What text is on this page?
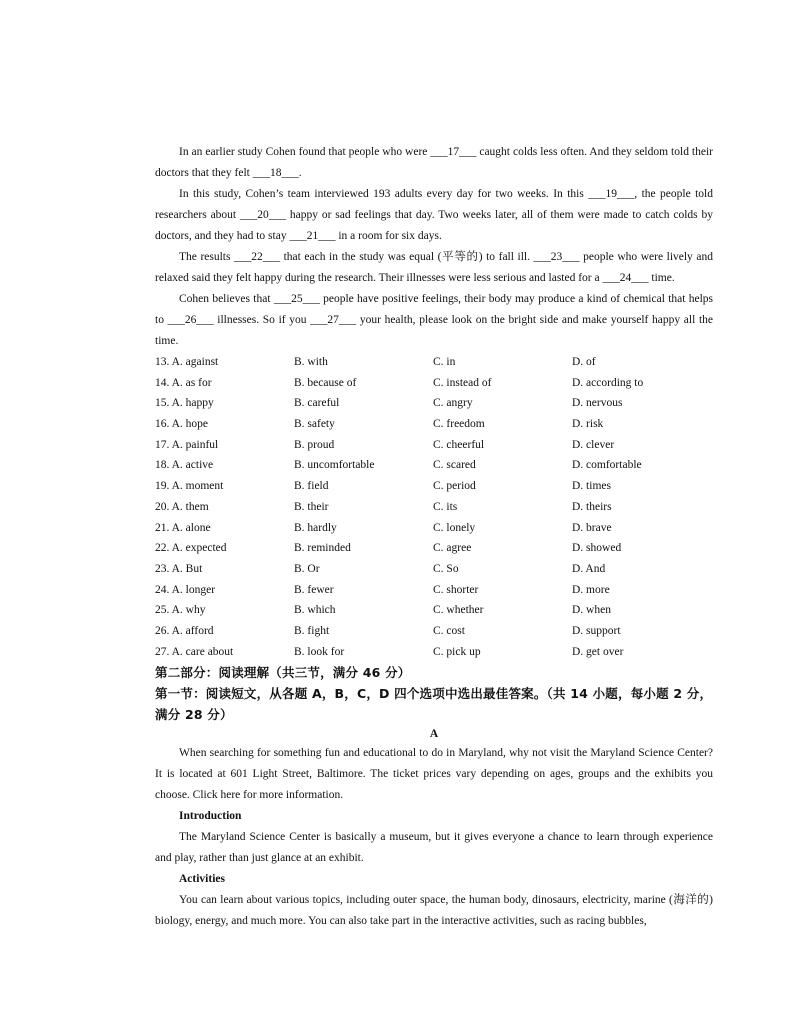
In an earlier study Cohen found that people who were ___17___ caught colds less often. And they seldom told their doctors that they felt ___18___.

In this study, Cohen’s team interviewed 193 adults every day for two weeks. In this ___19___, the people told researchers about ___20___ happy or sad feelings that day. Two weeks later, all of them were made to catch colds by doctors, and they had to stay ___21___ in a room for six days.

The results ___22___ that each in the study was equal (平等的) to fall ill. ___23___ people who were lively and relaxed said they felt happy during the research. Their illnesses were less serious and lasted for a ___24___ time.

Cohen believes that ___25___ people have positive feelings, their body may produce a kind of chemical that helps to ___26___ illnesses. So if you ___27___ your health, please look on the bright side and make yourself happy all the time.

13. A. against	B. with	C. in	D. of
14. A. as for	B. because of	C. instead of	D. according to
15. A. happy	B. careful	C. angry	D. nervous
16. A. hope	B. safety	C. freedom	D. risk
17. A. painful	B. proud	C. cheerful	D. clever
18. A. active	B. uncomfortable	C. scared	D. comfortable
19. A. moment	B. field	C. period	D. times
20. A. them	B. their	C. its	D. theirs
21. A. alone	B. hardly	C. lonely	D. brave
22. A. expected	B. reminded	C. agree	D. showed
23. A. But	B. Or	C. So	D. And
24. A. longer	B. fewer	C. shorter	D. more
25. A. why	B. which	C. whether	D. when
26. A. afford	B. fight	C. cost	D. support
27. A. care about	B. look for	C. pick up	D. get over

第二部分：阅读理解（共三节，满分 46 分）

第一节：阅读短文，从各题 A，B，C，D 四个选项中选出最佳答案。（共 14 小题，每小题 2 分，满分 28 分）

A

When searching for something fun and educational to do in Maryland, why not visit the Maryland Science Center? It is located at 601 Light Street, Baltimore. The ticket prices vary depending on ages, groups and the exhibits you choose. Click here for more information.

Introduction

The Maryland Science Center is basically a museum, but it gives everyone a chance to learn through experience and play, rather than just glance at an exhibit.

Activities

You can learn about various topics, including outer space, the human body, dinosaurs, electricity, marine (海洋的) biology, energy, and much more. You can also take part in the interactive activities, such as racing bubbles,
